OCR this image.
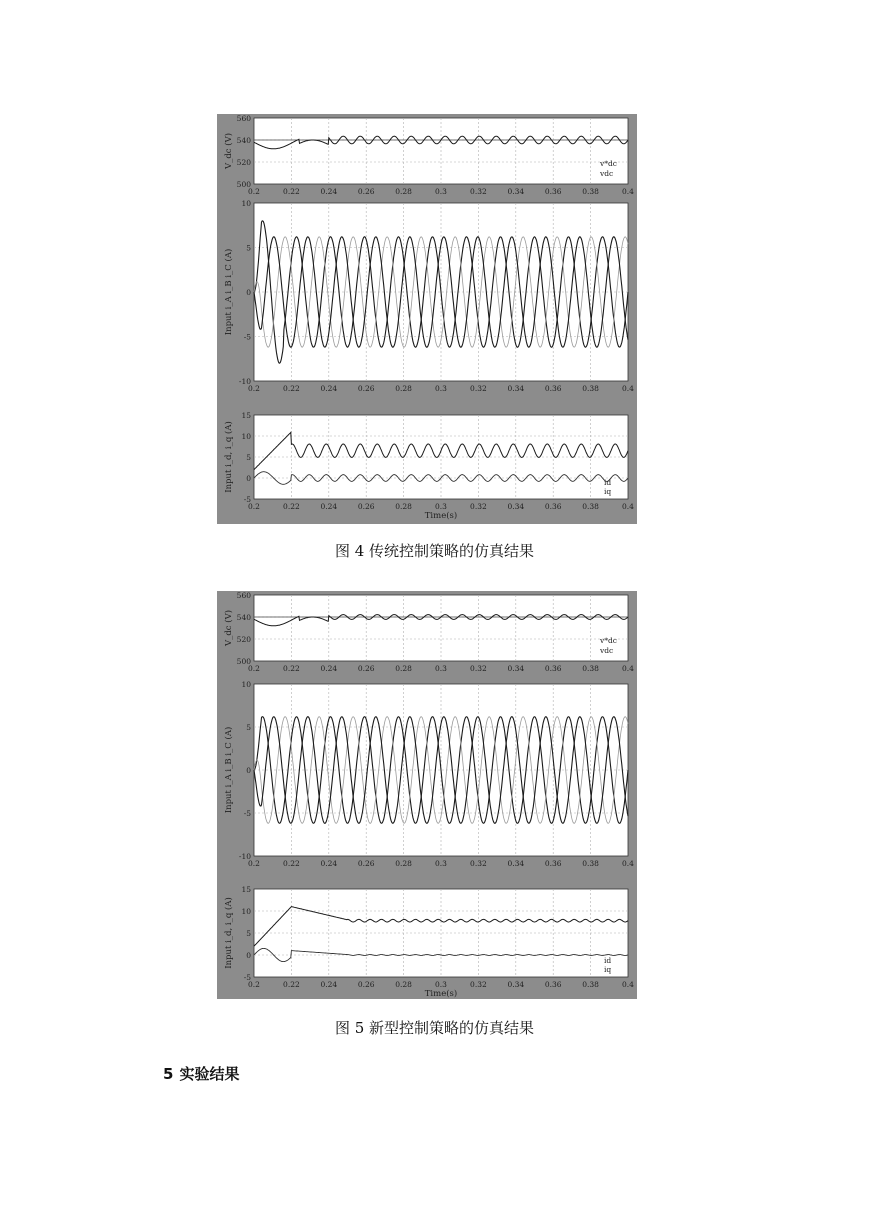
0.2	0.22	0.24	0.26	0.28	0.3	0.32	0.34	0.36	0.38	0.4
560
540
520
500
V_dc (V)	v*dc
vdc
0.2	0.22	0.24	0.26	0.28	0.3	0.32	0.34	0.36	0.38	0.4
10
5
0
-5
-10
Input i_A i_B i_C (A)
0.2	0.22	0.24	0.26	0.28	0.3	0.32	0.34	0.36	0.38	0.4
15
10
5
0
-5
Input i_d, i_q (A)
Time(s)
id
iq
图 4 传统控制策略的仿真结果
0.2	0.22	0.24	0.26	0.28	0.3	0.32	0.34	0.36	0.38	0.4
560
540
520
500
V_dc (V)	v*dc
vdc
0.2	0.22	0.24	0.26	0.28	0.3	0.32	0.34	0.36	0.38	0.4
10
5
0
-5
-10
Input i_A i_B i_C (A)
0.2	0.22	0.24	0.26	0.28	0.3	0.32	0.34	0.36	0.38	0.4
15
10
5
0
-5
Input i_d, i_q (A)
Time(s)
id
iq
图 5 新型控制策略的仿真结果
5 实验结果
